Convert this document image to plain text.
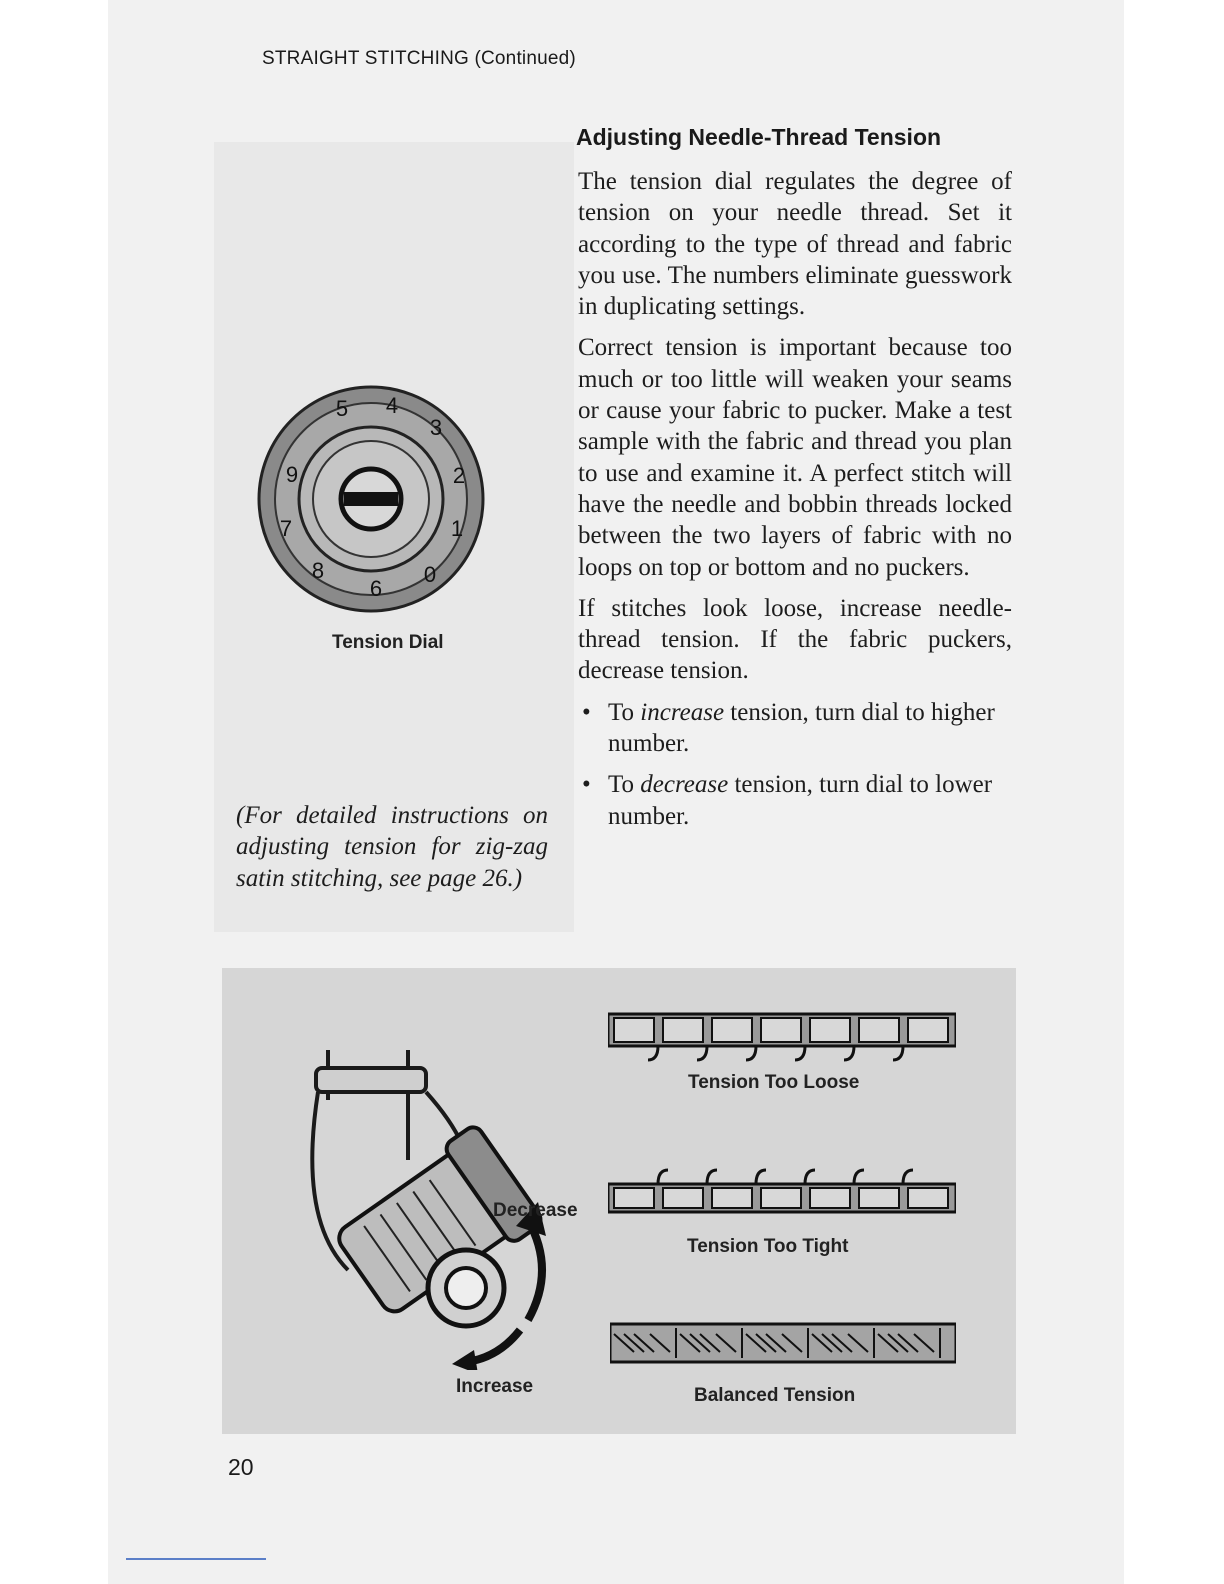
STRAIGHT STITCHING (Continued)
Adjusting Needle-Thread Tension

The tension dial regulates the degree of tension on your needle thread. Set it according to the type of thread and fabric you use. The numbers eliminate guesswork in duplicating settings.

Correct tension is important because too much or too little will weaken your seams or cause your fabric to pucker. Make a test sample with the fabric and thread you plan to use and examine it. A perfect stitch will have the needle and bobbin threads locked between the two layers of fabric with no loops on top or bottom and no puckers.

If stitches look loose, increase needle-thread tension. If the fabric puckers, decrease tension.

• To increase tension, turn dial to higher number.
• To decrease tension, turn dial to lower number.
(For detailed instructions on adjusting tension for zig-zag satin stitching, see page 26.)
0
1
2
3
4
5
6
7
8
9
Tension Dial
Decrease
Increase
Tension Too Loose
Tension Too Tight
Balanced Tension
20
